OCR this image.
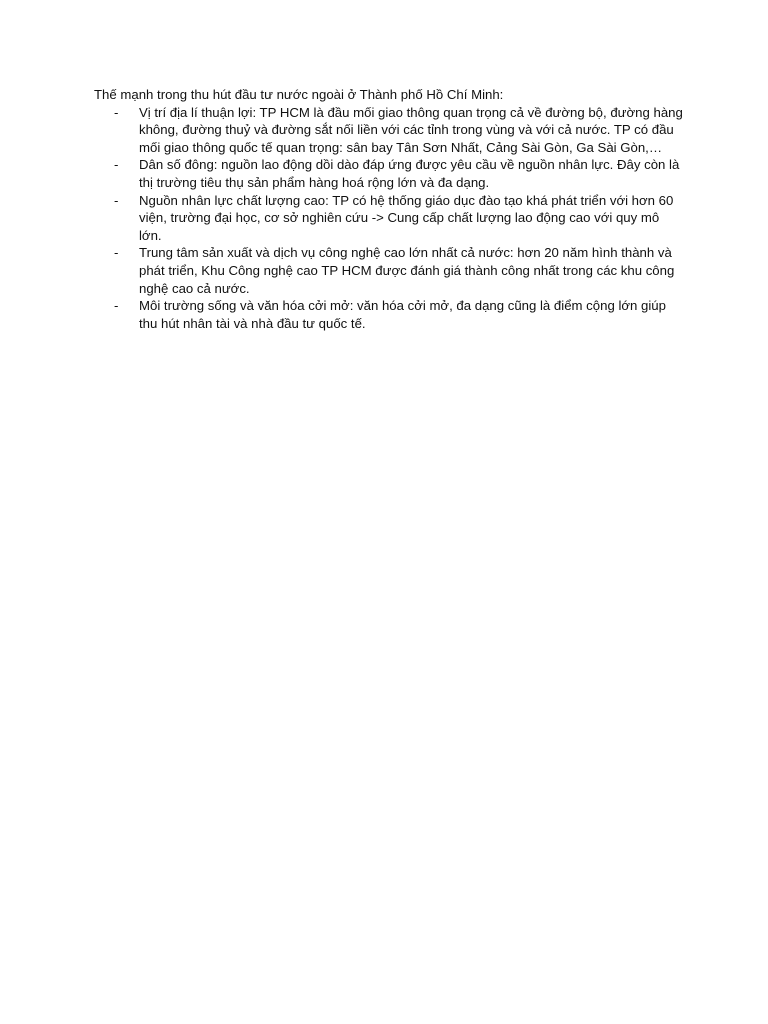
Thế mạnh trong thu hút đầu tư nước ngoài ở Thành phố Hồ Chí Minh:

- Vị trí địa lí thuận lợi: TP HCM là đầu mối giao thông quan trọng cả về đường bộ, đường hàng không, đường thuỷ và đường sắt nối liền với các tỉnh trong vùng và với cả nước. TP có đầu mối giao thông quốc tế quan trọng: sân bay Tân Sơn Nhất, Cảng Sài Gòn, Ga Sài Gòn,…
- Dân số đông: nguồn lao động dồi dào đáp ứng được yêu cầu về nguồn nhân lực. Đây còn là thị trường tiêu thụ sản phẩm hàng hoá rộng lớn và đa dạng.
- Nguồn nhân lực chất lượng cao: TP có hệ thống giáo dục đào tạo khá phát triển với hơn 60 viện, trường đại học, cơ sở nghiên cứu -> Cung cấp chất lượng lao động cao với quy mô lớn.
- Trung tâm sản xuất và dịch vụ công nghệ cao lớn nhất cả nước: hơn 20 năm hình thành và phát triển, Khu Công nghệ cao TP HCM được đánh giá thành công nhất trong các khu công nghệ cao cả nước.
- Môi trường sống và văn hóa cởi mở: văn hóa cởi mở, đa dạng cũng là điểm cộng lớn giúp thu hút nhân tài và nhà đầu tư quốc tế.
